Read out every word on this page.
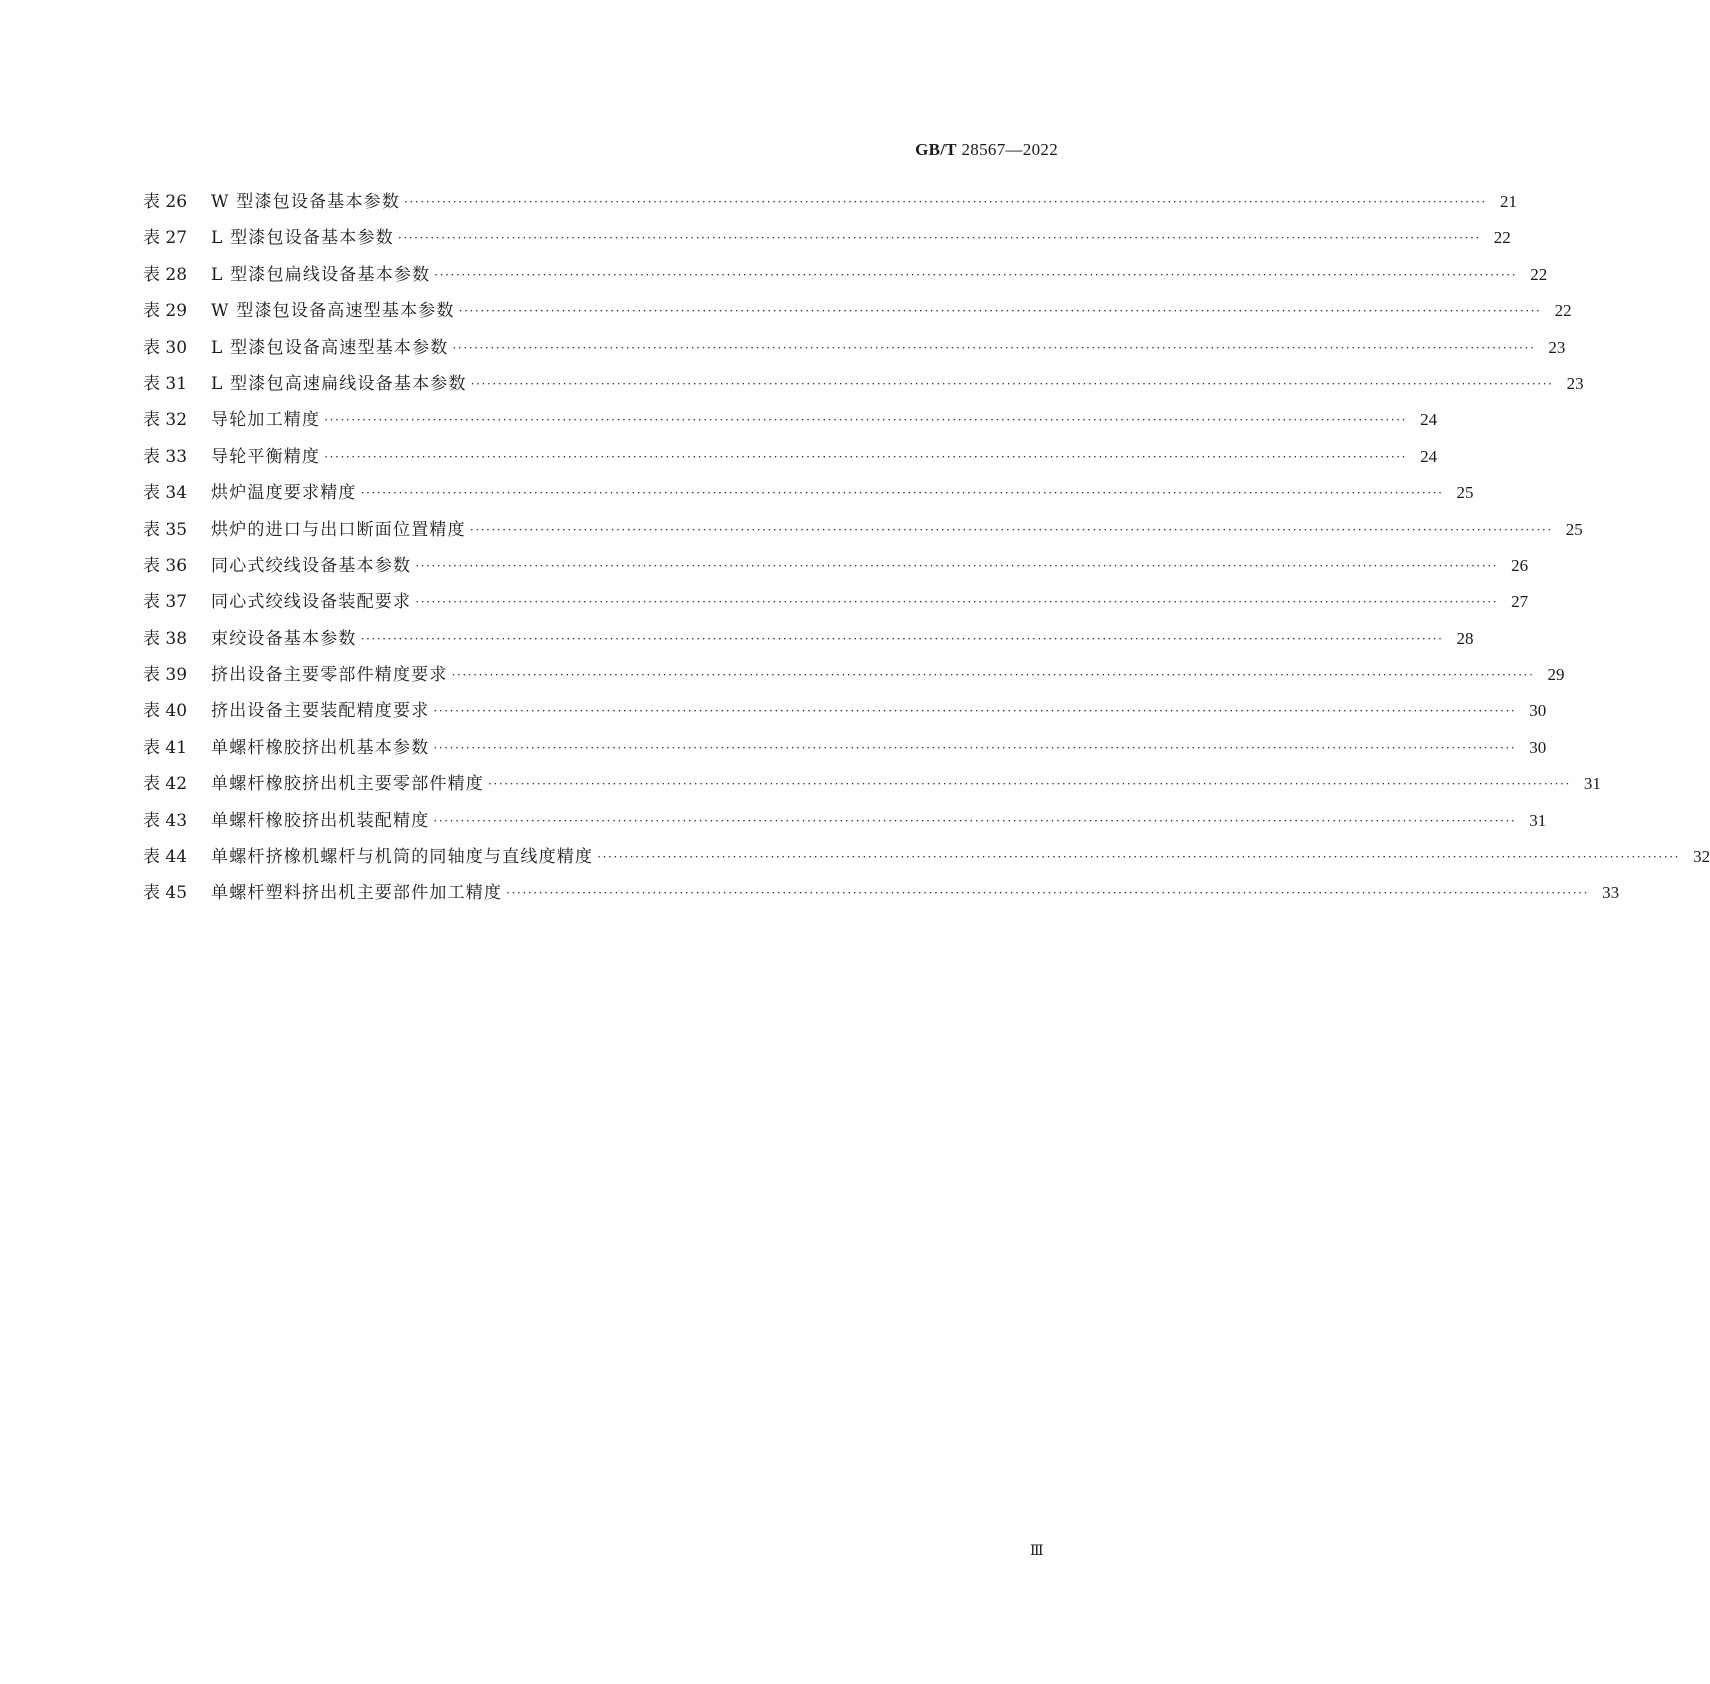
GB/T 28567—2022
表 26	W 型漆包设备基本参数 ········································································································································································································ 21
表 27	L 型漆包设备基本参数 ········································································································································································································ 22
表 28	L 型漆包扁线设备基本参数 ········································································································································································································ 22
表 29	W 型漆包设备高速型基本参数 ········································································································································································································ 22
表 30	L 型漆包设备高速型基本参数 ········································································································································································································ 23
表 31	L 型漆包高速扁线设备基本参数 ········································································································································································································ 23
表 32	导轮加工精度 ········································································································································································································ 24
表 33	导轮平衡精度 ········································································································································································································ 24
表 34	烘炉温度要求精度 ········································································································································································································ 25
表 35	烘炉的进口与出口断面位置精度 ········································································································································································································ 25
表 36	同心式绞线设备基本参数 ········································································································································································································ 26
表 37	同心式绞线设备装配要求 ········································································································································································································ 27
表 38	束绞设备基本参数 ········································································································································································································ 28
表 39	挤出设备主要零部件精度要求 ········································································································································································································ 29
表 40	挤出设备主要装配精度要求 ········································································································································································································ 30
表 41	单螺杆橡胶挤出机基本参数 ········································································································································································································ 30
表 42	单螺杆橡胶挤出机主要零部件精度 ········································································································································································································ 31
表 43	单螺杆橡胶挤出机装配精度 ········································································································································································································ 31
表 44	单螺杆挤橡机螺杆与机筒的同轴度与直线度精度 ········································································································································································································ 32
表 45	单螺杆塑料挤出机主要部件加工精度 ········································································································································································································ 33
Ⅲ
